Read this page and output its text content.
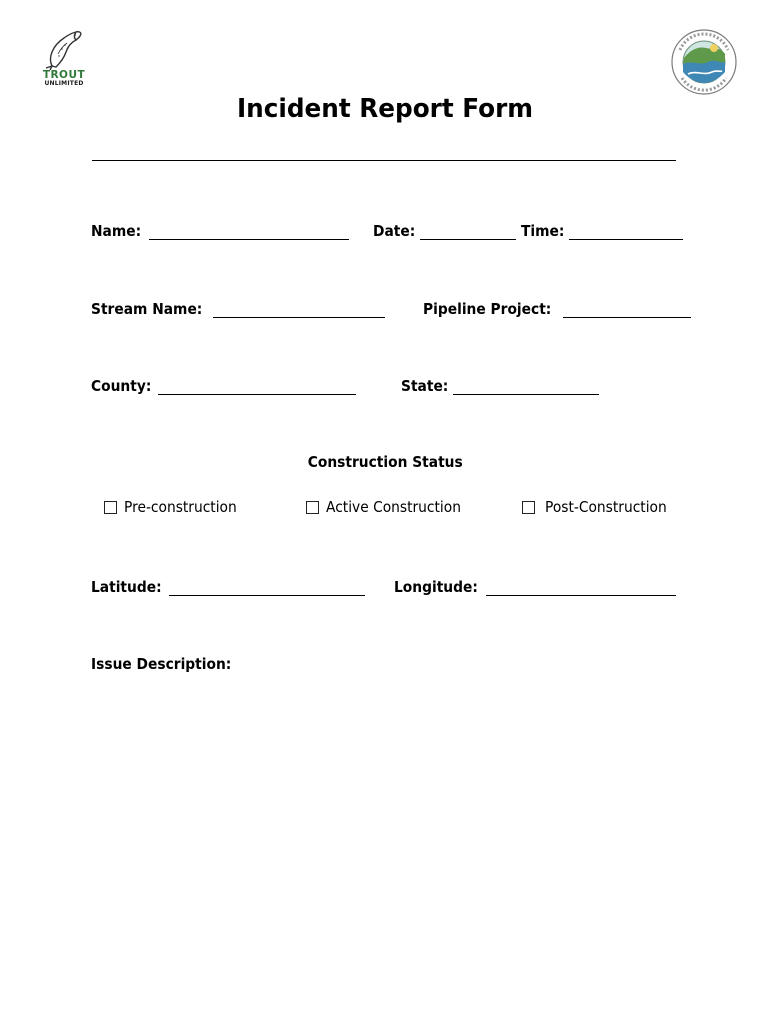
TROUT
UNLIMITED
Incident Report Form
Name:	Date:	Time:
Stream Name:	Pipeline Project:
County:	State:
Construction Status
Pre-construction	Active Construction	Post-Construction
Latitude:	Longitude:
Issue Description:
